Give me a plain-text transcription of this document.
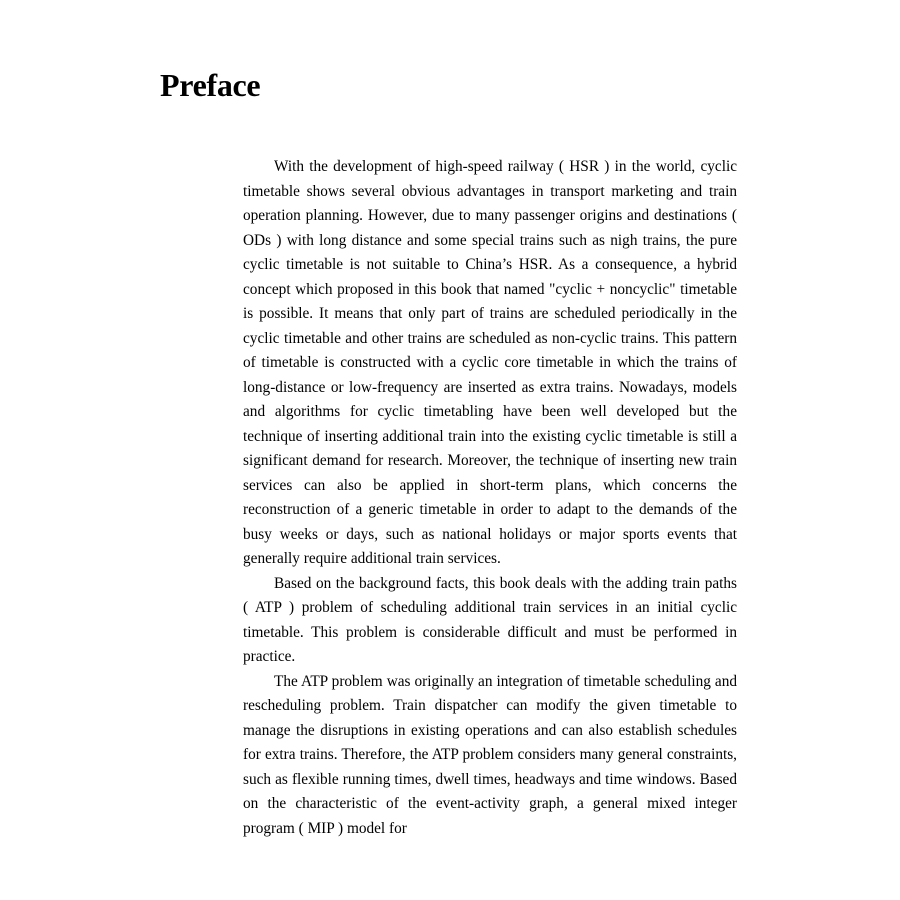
Preface

With the development of high-speed railway ( HSR ) in the world, cyclic timetable shows several obvious advantages in transport marketing and train operation planning. However, due to many passenger origins and destinations ( ODs ) with long distance and some special trains such as nigh trains, the pure cyclic timetable is not suitable to China’s HSR. As a consequence, a hybrid concept which proposed in this book that named "cyclic + noncyclic" timetable is possible. It means that only part of trains are scheduled periodically in the cyclic timetable and other trains are scheduled as non-cyclic trains. This pattern of timetable is constructed with a cyclic core timetable in which the trains of long-distance or low-frequency are inserted as extra trains. Nowadays, models and algorithms for cyclic timetabling have been well developed but the technique of inserting additional train into the existing cyclic timetable is still a significant demand for research. Moreover, the technique of inserting new train services can also be applied in short-term plans, which concerns the reconstruction of a generic timetable in order to adapt to the demands of the busy weeks or days, such as national holidays or major sports events that generally require additional train services.

Based on the background facts, this book deals with the adding train paths ( ATP ) problem of scheduling additional train services in an initial cyclic timetable. This problem is considerable difficult and must be performed in practice.

The ATP problem was originally an integration of timetable scheduling and rescheduling problem. Train dispatcher can modify the given timetable to manage the disruptions in existing operations and can also establish schedules for extra trains. Therefore, the ATP problem considers many general constraints, such as flexible running times, dwell times, headways and time windows. Based on the characteristic of the event-activity graph, a general mixed integer program ( MIP ) model for
